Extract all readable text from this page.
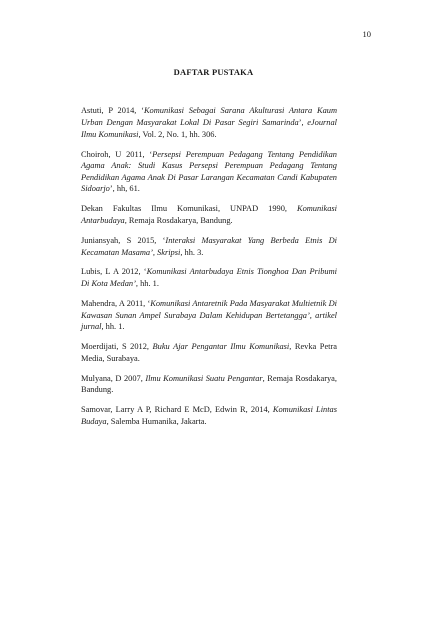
10
DAFTAR PUSTAKA

Astuti, P 2014, ‘Komunikasi Sebagai Sarana Akulturasi Antara Kaum Urban Dengan Masyarakat Lokal Di Pasar Segiri Samarinda’, eJournal Ilmu Komunikasi, Vol. 2, No. 1, hh. 306.

Choiroh, U 2011, ‘Persepsi Perempuan Pedagang Tentang Pendidikan Agama Anak: Studi Kasus Persepsi Perempuan Pedagang Tentang Pendidikan Agama Anak Di Pasar Larangan Kecamatan Candi Kabupaten Sidoarjo’, hh, 61.

Dekan Fakultas Ilmu Komunikasi, UNPAD 1990, Komunikasi Antarbudaya, Remaja Rosdakarya, Bandung.

Juniansyah, S 2015, ‘Interaksi Masyarakat Yang Berbeda Etnis Di Kecamatan Masama’, Skripsi, hh. 3.

Lubis, L A 2012, ‘Komunikasi Antarbudaya Etnis Tionghoa Dan Pribumi Di Kota Medan’, hh. 1.

Mahendra, A 2011, ‘Komunikasi Antaretnik Pada Masyarakat Multietnik Di Kawasan Sunan Ampel Surabaya Dalam Kehidupan Bertetangga’, artikel jurnal, hh. 1.

Moerdijati, S 2012, Buku Ajar Pengantar Ilmu Komunikasi, Revka Petra Media, Surabaya.

Mulyana, D 2007, Ilmu Komunikasi Suatu Pengantar, Remaja Rosdakarya, Bandung.

Samovar, Larry A P, Richard E McD, Edwin R, 2014, Komunikasi Lintas Budaya, Salemba Humanika, Jakarta.
